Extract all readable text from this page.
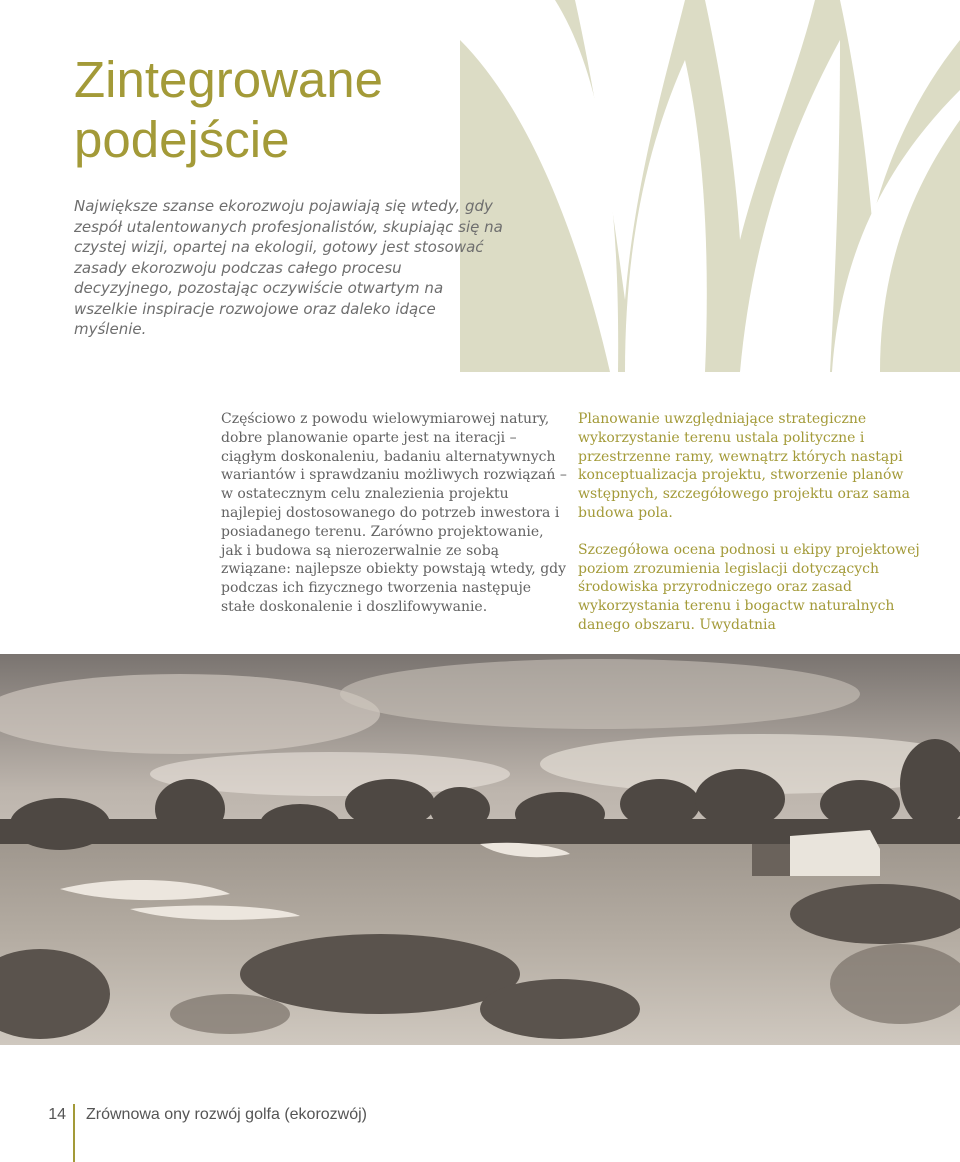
Zintegrowane
podejście

Największe szanse ekorozwoju pojawiają się wtedy, gdy zespół utalentowanych profesjonalistów, skupiając się na czystej wizji, opartej na ekologii, gotowy jest stosować zasady ekorozwoju podczas całego procesu decyzyjnego, pozostając oczywiście otwartym na wszelkie inspiracje rozwojowe oraz daleko idące myślenie.

Częściowo z powodu wielowymiarowej natury, dobre planowanie oparte jest na iteracji – ciągłym doskonaleniu, badaniu alternatywnych wariantów i sprawdzaniu możliwych rozwiązań – w ostatecznym celu znalezienia projektu najlepiej dostosowanego do potrzeb inwestora i posiadanego terenu. Zarówno projektowanie, jak i budowa są nierozerwalnie ze sobą związane: najlepsze obiekty powstają wtedy, gdy podczas ich fizycznego tworzenia następuje stałe doskonalenie i doszlifowywanie.

Planowanie uwzględniające strategiczne wykorzystanie terenu ustala polityczne i przestrzenne ramy, wewnątrz których nastąpi konceptualizacja projektu, stworzenie planów wstępnych, szczegółowego projektu oraz sama budowa pola.

Szczegółowa ocena podnosi u ekipy projektowej poziom zrozumienia legislacji dotyczących środowiska przyrodniczego oraz zasad wykorzystania terenu i bogactw naturalnych danego obszaru. Uwydatnia

14 Zrównowa ony rozwój golfa (ekorozwój)
